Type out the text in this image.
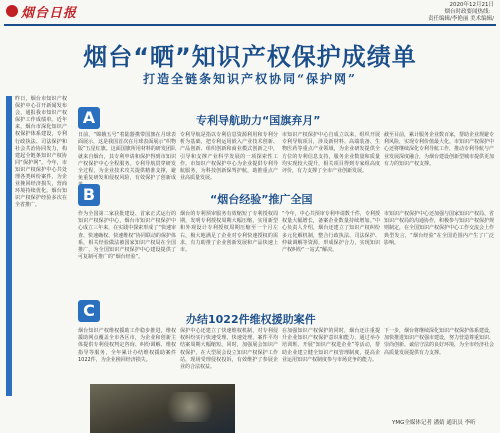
烟台日报
2020年12月21日
烟台时政要闻热线：
责任编辑/李艳丽 美术编辑/
烟台“晒”知识产权保护成绩单
打造全链条知识产权协同“保护网”
昨日，烟台市知识产权保护中心召开新闻发布会，通报我市知识产权保护工作成绩单。近年来，烟台市深化知识产权保护体系建设，专利行政执法、司法保护和社会共治协同发力，构建起全链条知识产权协同“保护网”。今年，市知识产权保护中心共处理各类纠纷案件，为企业挽回经济损失，营商环境持续优化。烟台知识产权保护经验多次在全省推广。
A	专利导航助力“国旗弃月”
日前，“嫦娥五号”着陆器携带国旗在月球表面展示，这是我国首次在月球表面展示“织物版”五星红旗。这面国旗所用材料的研发团队就来自烟台，其专利申请和保护得到市知识产权保护中心全程服务。专利导航贯穿研发全过程，为企业技术攻关提供精准支撑，避免重复研发和侵权风险，有效保护了创新成
专利导航是指以专利信息资源利用和专利分析为基础，把专利运用嵌入产业技术创新、产品创新、组织创新和商业模式创新之中，引导和支撑产业科学发展的一项探索性工作。市知识产权保护中心为企业提供专利导航服务，为科技创新保驾护航，助推重点产业高质量发展。
市知识产权保护中心自成立以来，组织开展专利导航项目，涉及新材料、高端装备、生物医药等重点产业领域，为企业研发提供全方位的专利信息支持，服务企业数量和质量均实现较大提升，相关项目得到专家组高度评价，有力支撑了全市产业创新发展。
截至目前，累计服务企业数百家，帮助企业规避专利风险，实现专利价值最大化。市知识产权保护中心还将继续深化专利导航工作，推动专利导航与产业发展深度融合，为烟台建设创新型城市提供更加有力的知识产权支撑。
B	“烟台经验”推广全国
作为全国第二家获批建设、首家正式运行的知识产权保护中心，烟台市知识产权保护中心成立三年来，在实践中探索形成了“快速审查、快速确权、快速维权”协同联动的保护体系，相关经验做法被国家知识产权局在全国推广，为全国知识产权保护中心建设提供了可复制可推广的“烟台经验”。
烟台的专利预审服务有效缩短了专利授权周期，发明专利授权周期大幅压缩，实用新型和外观设计专利授权周期压缩至一个月左右，极大地满足了企业对专利快速授权的需求，有力助推了企业创新发展和产品快速上市。
“今年，中心共预审专利申请数千件，专利授权量大幅增长，备案企业数量持续增加。”中心负责人介绍，烟台还建立了知识产权纠纷多元化解机制，整合行政执法、司法保护、仲裁调解等资源，形成保护合力，实现知识产权纠纷“一站式”解决。
市知识产权保护中心还加强与国家知识产权局、省知识产权局的沟通协作，积极参与知识产权保护规则制定，在全国知识产权保护中心工作交流会上作典型发言，“烟台经验”在全国范围内产生了广泛影响。
C	办结1022件维权援助案件
烟台知识产权维权援助工作稳步推进，维权援助网点覆盖全市各区市，为企业和创新主体提供专利侵权判定咨询、纠纷调解、维权指导等服务，全年累计办结维权援助案件1022件，为企业挽回经济损失。
保护中心还建立了快速维权机制，对专利侵权纠纷实行快速受理、快速处理，案件平均结案周期大幅缩短。同时，加强展会知识产权保护，在大型展会设立知识产权保护工作站，现场受理侵权投诉，有效维护了参展企业的合法权益。
在加强知识产权保护的同时，烟台还注重提升企业知识产权保护意识和能力，通过举办培训班、开展“知识产权进企业”等活动，帮助企业建立健全知识产权管理制度，提高企业运用知识产权制度参与市场竞争的能力。
下一步，烟台将继续深化知识产权保护体系建设，加快推进知识产权强市建设，努力营造尊重知识、崇尚创新、诚信守法的良好环境，为全市经济社会高质量发展提供有力支撑。
YMG全媒体记者 潘婧 通讯员 李昕
